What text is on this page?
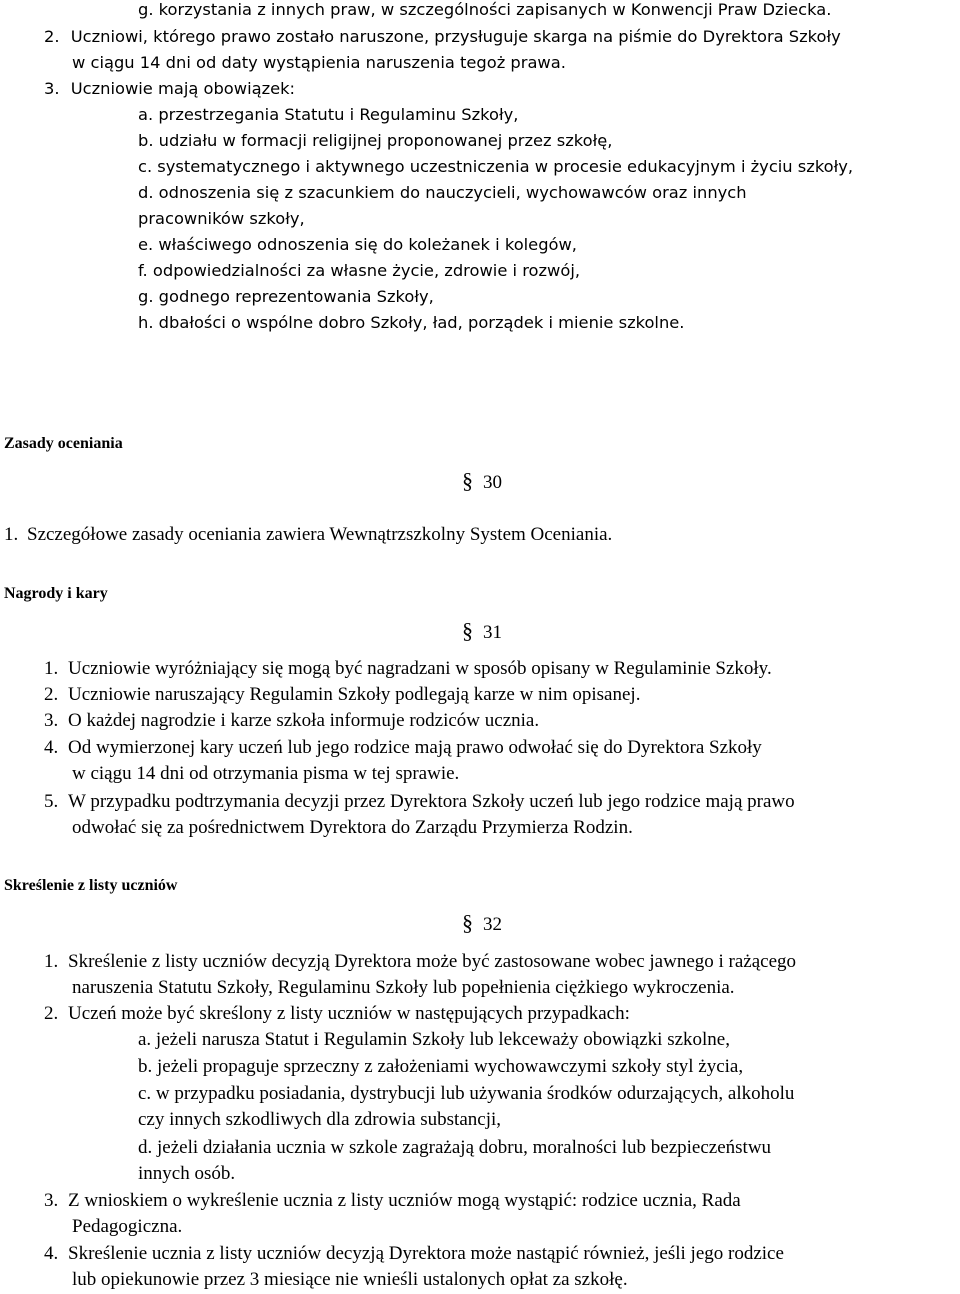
g. korzystania z innych praw, w szczególności zapisanych w Konwencji Praw Dziecka.
2. Uczniowi, którego prawo zostało naruszone, przysługuje skarga na piśmie do Dyrektora Szkoły
w ciągu 14 dni od daty wystąpienia naruszenia tegoż prawa.
3. Uczniowie mają obowiązek:
a. przestrzegania Statutu i Regulaminu Szkoły,
b. udziału w formacji religijnej proponowanej przez szkołę,
c. systematycznego i aktywnego uczestniczenia w procesie edukacyjnym i życiu szkoły,
d. odnoszenia się z szacunkiem do nauczycieli, wychowawców oraz innych
pracowników szkoły,
e. właściwego odnoszenia się do koleżanek i kolegów,
f. odpowiedzialności za własne życie, zdrowie i rozwój,
g. godnego reprezentowania Szkoły,
h. dbałości o wspólne dobro Szkoły, ład, porządek i mienie szkolne.
Zasady oceniania
§ 30
1. Szczegółowe zasady oceniania zawiera Wewnątrzszkolny System Oceniania.
Nagrody i kary
§ 31
1. Uczniowie wyróżniający się mogą być nagradzani w sposób opisany w Regulaminie Szkoły.
2. Uczniowie naruszający Regulamin Szkoły podlegają karze w nim opisanej.
3. O każdej nagrodzie i karze szkoła informuje rodziców ucznia.
4. Od wymierzonej kary uczeń lub jego rodzice mają prawo odwołać się do Dyrektora Szkoły
w ciągu 14 dni od otrzymania pisma w tej sprawie.
5. W przypadku podtrzymania decyzji przez Dyrektora Szkoły uczeń lub jego rodzice mają prawo
odwołać się za pośrednictwem Dyrektora do Zarządu Przymierza Rodzin.
Skreślenie z listy uczniów
§ 32
1. Skreślenie z listy uczniów decyzją Dyrektora może być zastosowane wobec jawnego i rażącego
naruszenia Statutu Szkoły, Regulaminu Szkoły lub popełnienia ciężkiego wykroczenia.
2. Uczeń może być skreślony z listy uczniów w następujących przypadkach:
a. jeżeli narusza Statut i Regulamin Szkoły lub lekceważy obowiązki szkolne,
b. jeżeli propaguje sprzeczny z założeniami wychowawczymi szkoły styl życia,
c. w przypadku posiadania, dystrybucji lub używania środków odurzających, alkoholu
czy innych szkodliwych dla zdrowia substancji,
d. jeżeli działania ucznia w szkole zagrażają dobru, moralności lub bezpieczeństwu
innych osób.
3. Z wnioskiem o wykreślenie ucznia z listy uczniów mogą wystąpić: rodzice ucznia, Rada
Pedagogiczna.
4. Skreślenie ucznia z listy uczniów decyzją Dyrektora może nastąpić również, jeśli jego rodzice
lub opiekunowie przez 3 miesiące nie wnieśli ustalonych opłat za szkołę.
